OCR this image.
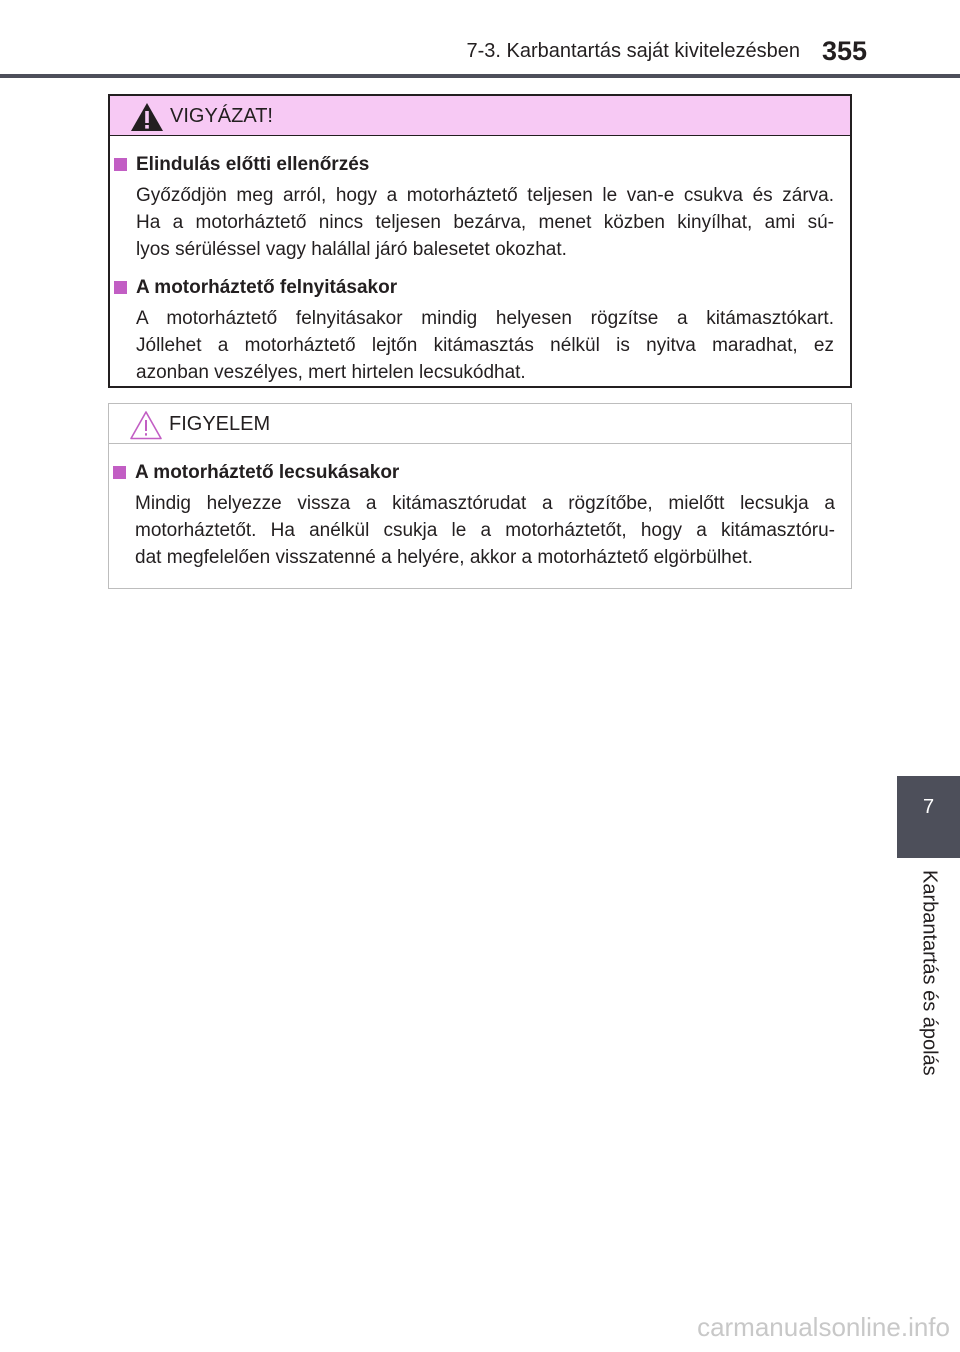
7-3. Karbantartás saját kivitelezésben 355
VIGYÁZAT!
Elindulás előtti ellenőrzés
Győződjön meg arról, hogy a motorháztető teljesen le van-e csukva és zárva.
Ha a motorháztető nincs teljesen bezárva, menet közben kinyílhat, ami sú-
lyos sérüléssel vagy halállal járó balesetet okozhat.
A motorháztető felnyitásakor
A motorháztető felnyitásakor mindig helyesen rögzítse a kitámasztókart.
Jóllehet a motorháztető lejtőn kitámasztás nélkül is nyitva maradhat, ez
azonban veszélyes, mert hirtelen lecsukódhat.
FIGYELEM
A motorháztető lecsukásakor
Mindig helyezze vissza a kitámasztórudat a rögzítőbe, mielőtt lecsukja a
motorháztetőt. Ha anélkül csukja le a motorháztetőt, hogy a kitámasztóru-
dat megfelelően visszatenné a helyére, akkor a motorháztető elgörbülhet.
7
Karbantartás és ápolás
carmanualsonline.info
